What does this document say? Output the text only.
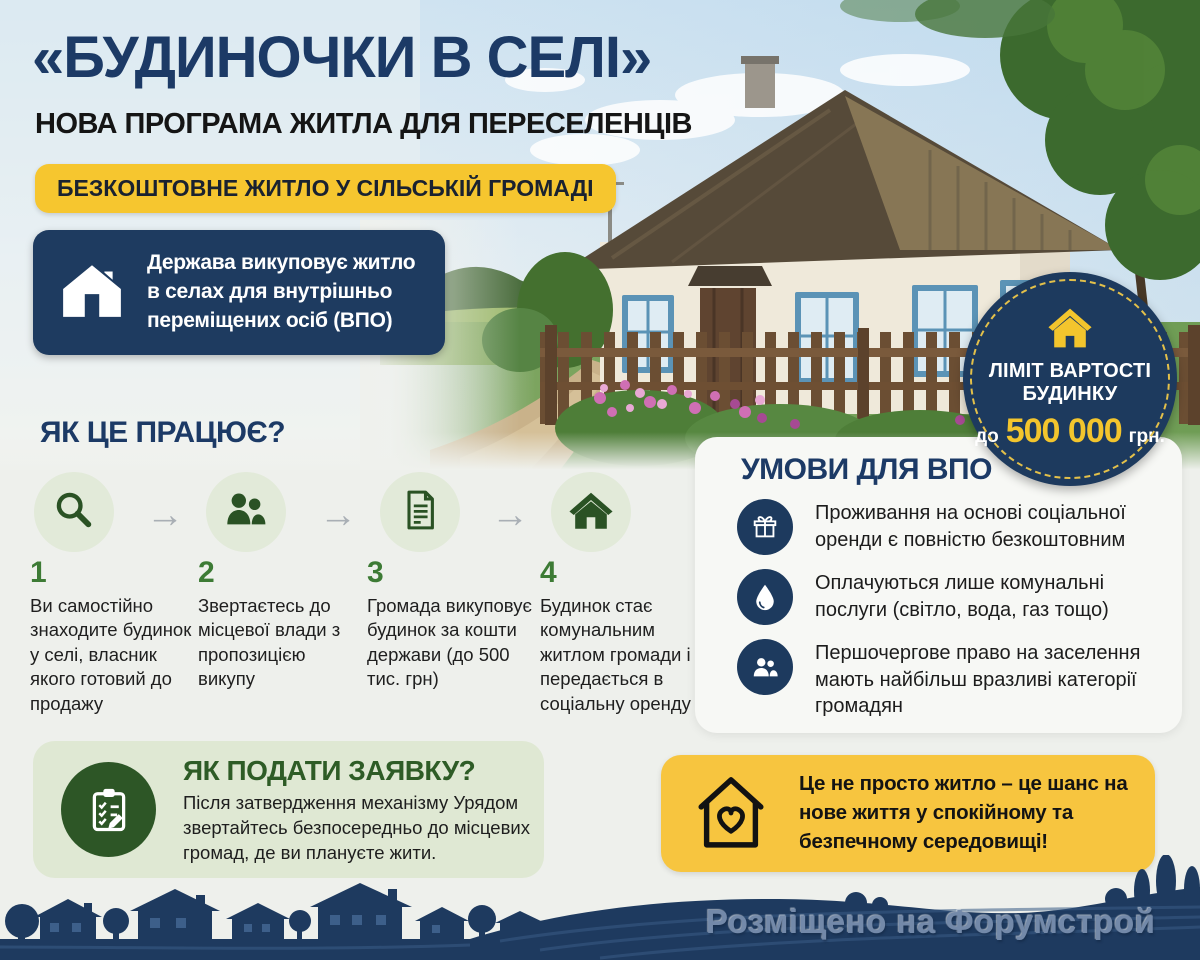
«БУДИНОЧКИ В СЕЛІ»
НОВА ПРОГРАМА ЖИТЛА ДЛЯ ПЕРЕСЕЛЕНЦІВ
БЕЗКОШТОВНЕ ЖИТЛО У СІЛЬСЬКІЙ ГРОМАДІ
Держава викуповує житло в селах для внутрішньо переміщених осіб (ВПО)
ЛІМІТ ВАРТОСТІ
БУДИНКУ
до 500 000 грн.
ЯК ЦЕ ПРАЦЮЄ?
→	→	→
1	2	3	4
Ви самостійно знаходите будинок у селі, власник якого готовий до продажу
Звертаєтесь до місцевої влади з пропозицією викупу
Громада викуповує будинок за кошти держави (до 500 тис. грн)
Будинок стає комунальним житлом громади і передається в соціальну оренду
УМОВИ ДЛЯ ВПО
Проживання на основі соціальної оренди є повністю безкоштовним
Оплачуються лише комунальні послуги (світло, вода, газ тощо)
Першочергове право на заселення мають найбільш вразливі категорії громадян
ЯК ПОДАТИ ЗАЯВКУ?
Після затвердження механізму Урядом звертайтесь безпосередньо до місцевих громад, де ви плануєте жити.
Це не просто житло – це шанс на нове життя у спокійному та безпечному середовищі!
Розміщено на Форумстрой
